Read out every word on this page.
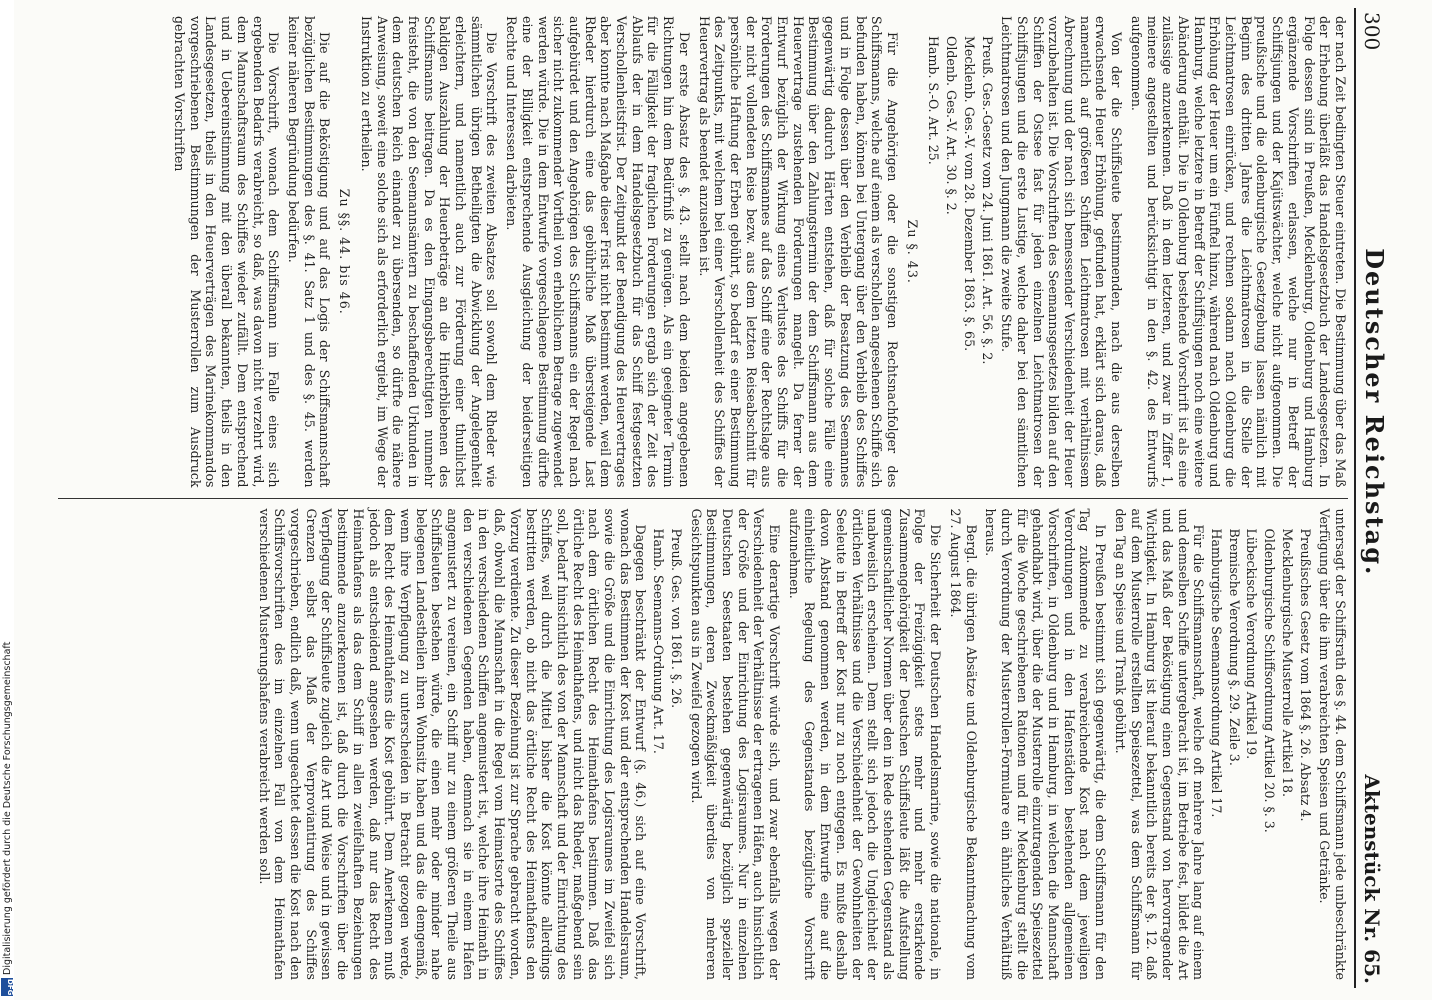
300
Deutscher Reichstag.
Aktenstück Nr. 65.

der nach Zeit bedingten Steuer eintreten. Die Bestimmung über das Maß der Erhebung überläßt das Handelsgesetzbuch der Landesgesetzen. In Folge dessen sind in Preußen, Mecklenburg, Oldenburg und Hamburg ergänzende Vorschriften erlassen, welche nur in Betreff der Schiffsjungen und der Kajütswächter, welche nicht aufgenommen. Die preußische und die oldenburgische Gesetzgebung lassen nämlich mit Beginn des dritten Jahres die Leichtmatrosen in die Stelle der Leichtmatrosen einrücken, und rechnen sodann nach Oldenburg die Erhöhung der Heuer um ein Fünftel hinzu, während nach Oldenburg und Hamburg, welche letztere in Betreff der Schiffsjungen noch eine weitere Abänderung enthält. Die in Oldenburg bestehende Vorschrift ist als eine zulässige anzuerkennen. Daß in dem letzteren, und zwar in Ziffer 1, meinere angestellten und berücksichtigt in den §. 42. des Entwurfs aufgenommen.

Von der die Schiffsleute bestimmenden, nach die aus derselben erwachsende Heuer Erhöhung, gefunden hat, erklärt sich daraus, daß namentlich auf größeren Schiffen Leichtmatrosen mit verhältnissem Abrechnung und der nach sich bemessender Verschiedenheit der Heuer vorzubehalten ist. Die Vorschriften des Seemannsgesetzes bilden auf den Schiffen der Ostsee fast für jeden einzelnen Leichtmatrosen der Schiffsjungen und die erste Lustige, welche daher bei den sämtlichen Leichtmatrosen und den Jungmann die zweite Stufe.

Preuß. Ges.-Gesetz vom 24. Juni 1861. Art. 56. §. 2.
Mecklenb. Ges.-V. vom 28. Dezember 1863. §. 65.
Oldenb. Ges.-V. Art. 30. §. 2.
Hamb. S.-O. Art. 25.
Zu §. 43.

Für die Angehörigen oder die sonstigen Rechtsnachfolger des Schiffsmanns, welche auf einem als verschollen angesehenen Schiffe sich befunden haben, können bei Untergang über den Verbleib des Schiffes und in Folge dessen über den Verbleib der Besatzung des Seemannes gegenwärtig dadurch Härten entstehen, daß für solche Fälle eine Bestimmung über den Zahlungstermin der dem Schiffsmann aus dem Heuervertrage zustehenden Forderungen mangelt. Da ferner der Entwurf bezüglich der Wirkung eines Verlustes des Schiffs für die Forderungen des Schiffsmannes auf das Schiff eine der Rechtslage aus der nicht vollendeten Reise bezw. aus dem letzten Reiseabschnitt für persönliche Haftung der Erben gebührt, so bedarf es einer Bestimmung des Zeitpunkts, mit welchem bei einer Verschollenheit des Schiffes der Heuervertrag als beendet anzusehen ist.

Der erste Absatz des §. 43. stellt nach dem beiden angegebenen Richtungen hin dem Bedürfniß zu genügen. Als ein geeigneter Termin für die Fälligkeit der fraglichen Forderungen ergab sich der Zeit des Ablaufs der in dem Handelsgesetzbuch für das Schiff festgesetzten Verschollenheitsfrist. Der Zeitpunkt der Beendigung des Heuervertrages aber konnte nach Maßgabe dieser Frist nicht bestimmt werden, weil dem Rheder hierdurch eine das gebührliche Maß übersteigende Last aufgebürdet und den Angehörigen des Schiffsmanns ein der Regel nach sicher nicht zukommender Vortheil von erheblichem Betrage zugewendet werden würde. Die in dem Entwurfe vorgeschlagene Bestimmung dürfte eine der Billigkeit entsprechende Ausgleichung der beiderseitigen Rechte und Interessen darbieten.

Die Vorschrift des zweiten Absatzes soll sowohl dem Rheder wie sämmtlichen übrigen Betheiligten die Abwicklung der Angelegenheit erleichtern, und namentlich auch zur Förderung einer thunlichst baldigen Auszahlung der Heuerbeträge an die Hinterbliebenen des Schiffsmanns beitragen. Da es den Eingangsberechtigten nunmehr freisteht, die von den Seemannsämtern zu beschaffenden Urkunden in dem deutschen Reich einander zu übersenden, so dürfte die nähere Anweisung, soweit eine solche sich als erforderlich ergiebt, im Wege der Instruktion zu ertheilen.

Zu §§. 44. bis 46.

Die auf die Beköstigung und auf das Logis der Schiffsmannschaft bezüglichen Bestimmungen des §. 41. Satz 1 und des §. 45. werden keiner näheren Begründung bedürfen.

Die Vorschrift, wonach dem Schiffsmann im Falle eines sich ergebenden Bedarfs verabreicht, so daß, was davon nicht verzehrt wird, dem Mannschaftsraum des Schiffes wieder zufällt. Dem entsprechend und in Uebereinstimmung mit den überall bekannten, theils in den Landesgesetzen, theils in den Heuerverträgen des Marinekommandos vorgeschriebenen Bestimmungen der Musterrollen zum Ausdruck gebrachten Vorschriften

untersagt der Schiffsrath des §. 44. dem Schiffsmann jede unbeschränkte Verfügung über die ihm verabreichten Speisen und Getränke.

Preußisches Gesetz vom 1864 §. 26. Absatz 4.
Mecklenburgische Musterrolle Artikel 18.
Oldenburgische Schiffsordnung Artikel 20. §. 3.
Lübeckische Verordnung Artikel 19.
Bremische Verordnung §. 29. Zeile 3.
Hamburgische Seemannsordnung Artikel 17.

Für die Schiffsmannschaft, welche oft mehrere Jahre lang auf einem und demselben Schiffe untergebracht ist, im Betriebe fest, bildet die Art und das Maß der Beköstigung einen Gegenstand von hervorragender Wichtigkeit. In Hamburg ist hierauf bekanntlich bereits der §. 12. daß auf dem Musterrolle erstellten Speisezettel, was dem Schiffsmann für den Tag an Speise und Trank gebührt.

In Preußen bestimmt sich gegenwärtig, die dem Schiffsmann für den Tag zukommende zu verabreichende Kost nach dem jeweiligen Verordnungen und in den Hafenstädten bestehenden allgemeinen Vorschriften, in Oldenburg und in Hamburg, in welchen die Mannschaft gehandhabt wird, über die der Musterrolle einzutragenden Speisezettel für die Woche geschriebenen Rationen und für Mecklenburg stellt die durch Verordnung der Musterrollen-Formulare ein ähnliches Verhältniß heraus.

Bergl. die übrigen Absätze und Oldenburgische Bekanntmachung vom 27. August 1864.

Die Sicherheit der Deutschen Handelsmarine, sowie die nationale, in Folge der Freizügigkeit stets mehr und mehr erstarkende Zusammengehörigkeit der Deutschen Schiffsleute läßt die Aufstellung gemeinschaftlicher Normen über den in Rede stehenden Gegenstand als unabweislich erscheinen. Dem stellt sich jedoch die Ungleichheit der örtlichen Verhältnisse und die Verschiedenheit der Gewohnheiten der Seeleute in Betreff der Kost nur zu noch entgegen. Es mußte deshalb davon Abstand genommen werden, in dem Entwurfe eine auf die einheitliche Regelung des Gegenstandes bezügliche Vorschrift aufzunehmen.

Eine derartige Vorschrift würde sich, und zwar ebenfalls wegen der Verschiedenheit der Verhältnisse der ertragenen Häfen, auch hinsichtlich der Größe und der Einrichtung des Logisraumes. Nur in einzelnen Deutschen Seestaaten bestehen gegenwärtig bezüglich spezieller Bestimmungen, deren Zweckmäßigkeit überdies von mehreren Gesichtspunkten aus in Zweifel gezogen wird.

Preuß. Ges. von 1861. §. 26.
Hamb. Seemanns-Ordnung Art. 17.

Dagegen beschränkt der Entwurf (§. 46.) sich auf eine Vorschrift, wonach das Bestimmen der Kost und der entsprechenden Handelsraum, sowie die Größe und die Einrichtung des Logisraumes im Zweifel sich nach dem örtlichen Recht des Heimathafens bestimmen. Daß das örtliche Recht des Heimathafens, und nicht das Rheder, maßgebend sein soll, bedarf hinsichtlich des von der Mannschaft und der Einrichtung des Schiffes, weil durch die Mittel bisher die Kost könnte allerdings bestritten werden, ob nicht das örtliche Recht des Heimathafens den Vorzug verdiente. Zu dieser Beziehung ist zur Sprache gebracht worden, daß, obwohl die Mannschaft in die Regel vom Heimatsorte des Schiffes in den verschiedenen Schiffen angemustert ist, welche ihre Heimath in den verschiedenen Gegenden haben, demnach sie in einem Hafen angemustert zu vereinen, ein Schiff nur zu einem größeren Theile aus Schiffsleuten bestehen würde, die einen mehr oder minder nahe belegenen Landestheilen ihren Wohnsitz haben und das die demgemäß, wenn ihre Verpflegung zu unterscheiden in Betracht gezogen werde, dem Recht des Heimathafens die Kost gebührt. Dem Anerkennen muß jedoch als entscheidend angesehen werden, daß nur das Recht des Heimathafens als das dem Schiff in allen zweifelhaften Beziehungen bestimmende anzuerkennen ist, daß durch die Vorschriften über die Verpflegung der Schiffsleute zugleich die Art und Weise und in gewissen Grenzen selbst das Maß der Verproviantirung des Schiffes vorgeschrieben, endlich daß, wenn ungeachtet dessen die Kost nach den Schiffsvorschriften des im einzelnen Fall von dem Heimathafen verschiedenen Musterungshafens verabreicht werden soll.

Digitalisierung gefördert durch die Deutsche Forschungsgemeinschaft
DFG
